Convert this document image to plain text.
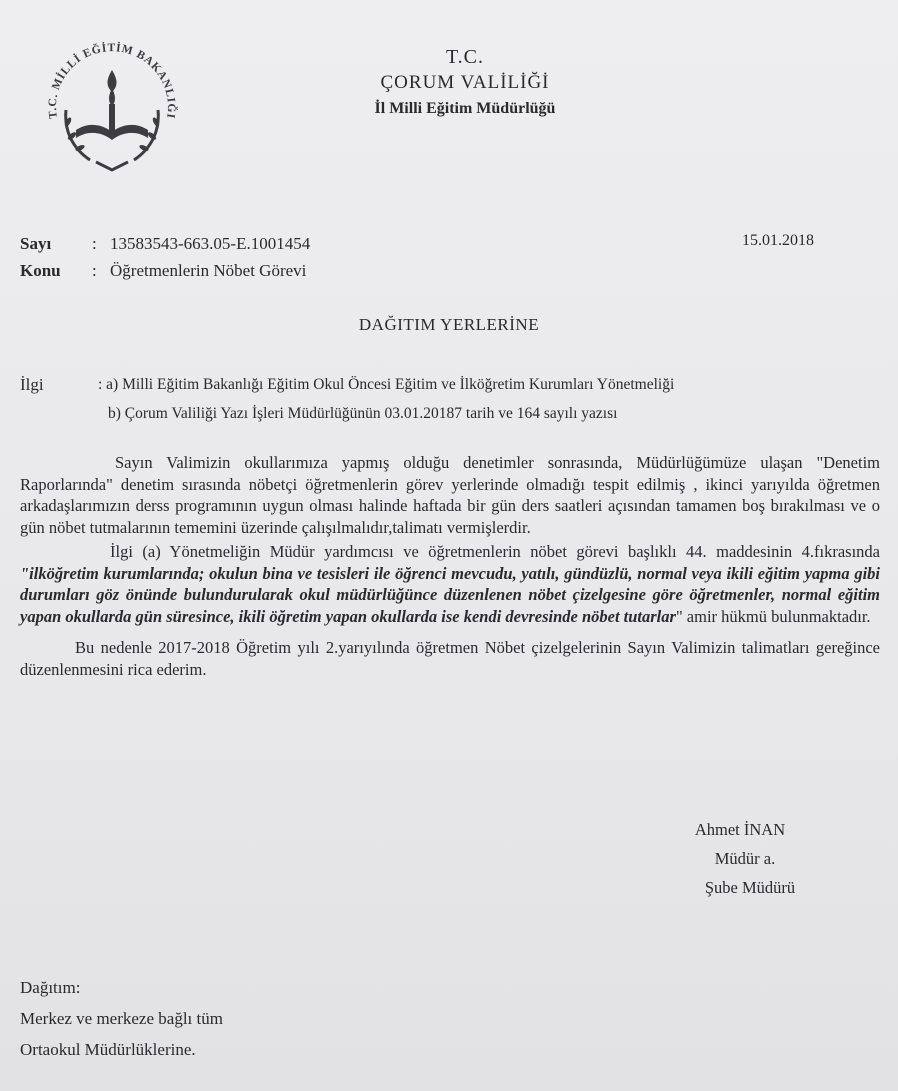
T.C. MİLLİ EĞİTİM BAKANLIĞI
T.C.
ÇORUM VALİLİĞİ
İl Milli Eğitim Müdürlüğü
Sayı	: 13583543-663.05-E.1001454
Konu	: Öğretmenlerin Nöbet Görevi
15.01.2018
DAĞITIM YERLERİNE
İlgi	: a) Milli Eğitim Bakanlığı Eğitim Okul Öncesi Eğitim ve İlköğretim Kurumları Yönetmeliği
b) Çorum Valiliği Yazı İşleri Müdürlüğünün 03.01.20187 tarih ve 164 sayılı yazısı

Sayın Valimizin okullarımıza yapmış olduğu denetimler sonrasında, Müdürlüğümüze ulaşan "Denetim Raporlarında" denetim sırasında nöbetçi öğretmenlerin görev yerlerinde olmadığı tespit edilmiş , ikinci yarıyılda öğretmen arkadaşlarımızın derss programının uygun olması halinde haftada bir gün ders saatleri açısından tamamen boş bırakılması ve o gün nöbet tutmalarının tememini üzerinde çalışılmalıdır,talimatı vermişlerdir.

İlgi (a) Yönetmeliğin Müdür yardımcısı ve öğretmenlerin nöbet görevi başlıklı 44. maddesinin 4.fıkrasında "ilköğretim kurumlarında; okulun bina ve tesisleri ile öğrenci mevcudu, yatılı, gündüzlü, normal veya ikili eğitim yapma gibi durumları göz önünde bulundurularak okul müdürlüğünce düzenlenen nöbet çizelgesine göre öğretmenler, normal eğitim yapan okullarda gün süresince, ikili öğretim yapan okullarda ise kendi devresinde nöbet tutarlar" amir hükmü bulunmaktadır.

Bu nedenle 2017-2018 Öğretim yılı 2.yarıyılında öğretmen Nöbet çizelgelerinin Sayın Valimizin talimatları gereğince düzenlenmesini rica ederim.

Ahmet İNAN
Müdür a.
Şube Müdürü
Dağıtım:
Merkez ve merkeze bağlı tüm
Ortaokul Müdürlüklerine.
